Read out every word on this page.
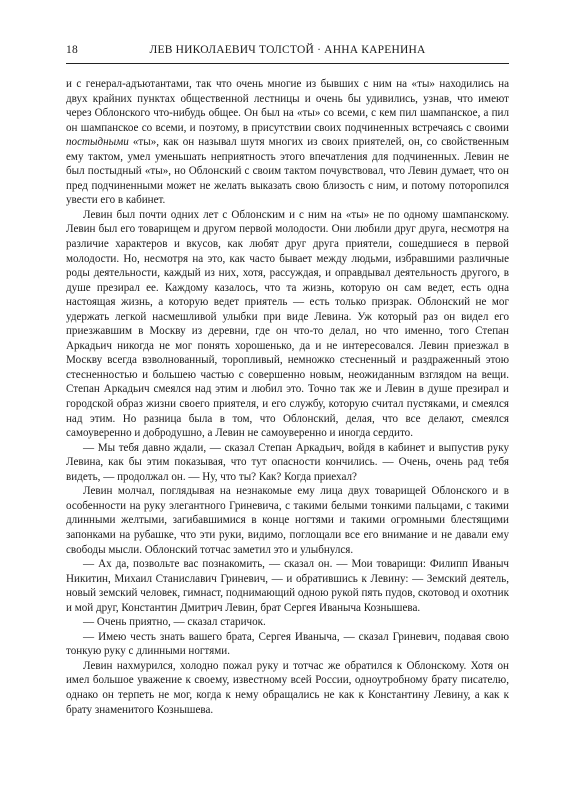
18	ЛЕВ НИКОЛАЕВИЧ ТОЛСТОЙ · АННА КАРЕНИНА

и с генерал-адъютантами, так что очень многие из бывших с ним на «ты» находились на двух крайних пунктах общественной лестницы и очень бы удивились, узнав, что имеют через Облонского что-нибудь общее. Он был на «ты» со всеми, с кем пил шампанское, а пил он шампанское со всеми, и поэтому, в присутствии своих подчиненных встречаясь с своими постыдными «ты», как он называл шутя многих из своих приятелей, он, со свойственным ему тактом, умел уменьшать неприятность этого впечатления для подчиненных. Левин не был постыдный «ты», но Облонский с своим тактом почувствовал, что Левин думает, что он пред подчиненными может не желать выказать свою близость с ним, и потому поторопился увести его в кабинет.

Левин был почти одних лет с Облонским и с ним на «ты» не по одному шампанскому. Левин был его товарищем и другом первой молодости. Они любили друг друга, несмотря на различие характеров и вкусов, как любят друг друга приятели, сошедшиеся в первой молодости. Но, несмотря на это, как часто бывает между людьми, избравшими различные роды деятельности, каждый из них, хотя, рассуждая, и оправдывал деятельность другого, в душе презирал ее. Каждому казалось, что та жизнь, которую он сам ведет, есть одна настоящая жизнь, а которую ведет приятель — есть только призрак. Облонский не мог удержать легкой насмешливой улыбки при виде Левина. Уж который раз он видел его приезжавшим в Москву из деревни, где он что-то делал, но что именно, того Степан Аркадьич никогда не мог понять хорошенько, да и не интересовался. Левин приезжал в Москву всегда взволнованный, торопливый, немножко стесненный и раздраженный этою стесненностью и большею частью с совершенно новым, неожиданным взглядом на вещи. Степан Аркадьич смеялся над этим и любил это. Точно так же и Левин в душе презирал и городской образ жизни своего приятеля, и его службу, которую считал пустяками, и смеялся над этим. Но разница была в том, что Облонский, делая, что все делают, смеялся самоуверенно и добродушно, а Левин не самоуверенно и иногда сердито.

— Мы тебя давно ждали, — сказал Степан Аркадьич, войдя в кабинет и выпустив руку Левина, как бы этим показывая, что тут опасности кончились. — Очень, очень рад тебя видеть, — продолжал он. — Ну, что ты? Как? Когда приехал?

Левин молчал, поглядывая на незнакомые ему лица двух товарищей Облонского и в особенности на руку элегантного Гриневича, с такими белыми тонкими пальцами, с такими длинными желтыми, загибавшимися в конце ногтями и такими огромными блестящими запонками на рубашке, что эти руки, видимо, поглощали все его внимание и не давали ему свободы мысли. Облонский тотчас заметил это и улыбнулся.

— Ах да, позвольте вас познакомить, — сказал он. — Мои товарищи: Филипп Иваныч Никитин, Михаил Станиславич Гриневич, — и обратившись к Левину: — Земский деятель, новый земский человек, гимнаст, поднимающий одною рукой пять пудов, скотовод и охотник и мой друг, Константин Дмитрич Левин, брат Сергея Иваныча Кознышева.

— Очень приятно, — сказал старичок.

— Имею честь знать вашего брата, Сергея Иваныча, — сказал Гриневич, подавая свою тонкую руку с длинными ногтями.

Левин нахмурился, холодно пожал руку и тотчас же обратился к Облонскому. Хотя он имел большое уважение к своему, известному всей России, одноутробному брату писателю, однако он терпеть не мог, когда к нему обращались не как к Константину Левину, а как к брату знаменитого Кознышева.
